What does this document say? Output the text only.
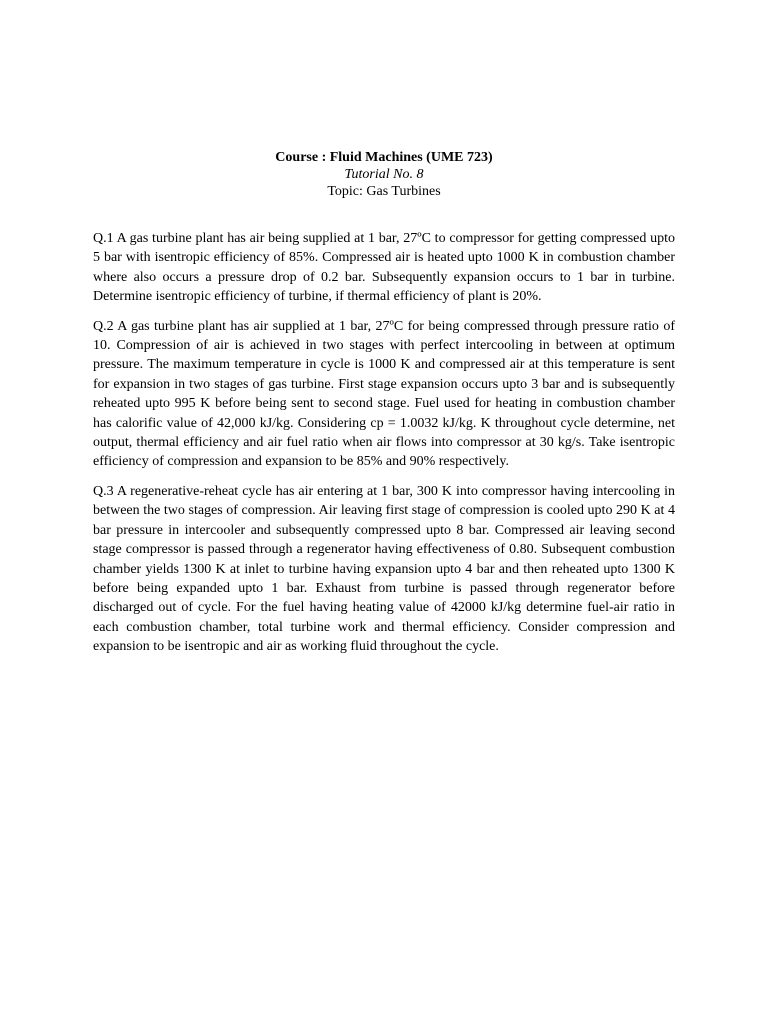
Course : Fluid Machines (UME 723)
Tutorial No. 8
Topic: Gas Turbines

Q.1 A gas turbine plant has air being supplied at 1 bar, 27ºC to compressor for getting compressed upto 5 bar with isentropic efficiency of 85%. Compressed air is heated upto 1000 K in combustion chamber where also occurs a pressure drop of 0.2 bar. Subsequently expansion occurs to 1 bar in turbine. Determine isentropic efficiency of turbine, if thermal efficiency of plant is 20%.

Q.2 A gas turbine plant has air supplied at 1 bar, 27ºC for being compressed through pressure ratio of 10. Compression of air is achieved in two stages with perfect intercooling in between at optimum pressure. The maximum temperature in cycle is 1000 K and compressed air at this temperature is sent for expansion in two stages of gas turbine. First stage expansion occurs upto 3 bar and is subsequently reheated upto 995 K before being sent to second stage. Fuel used for heating in combustion chamber has calorific value of 42,000 kJ/kg. Considering cp = 1.0032 kJ/kg. K throughout cycle determine, net output, thermal efficiency and air fuel ratio when air flows into compressor at 30 kg/s. Take isentropic efficiency of compression and expansion to be 85% and 90% respectively.

Q.3 A regenerative-reheat cycle has air entering at 1 bar, 300 K into compressor having intercooling in between the two stages of compression. Air leaving first stage of compression is cooled upto 290 K at 4 bar pressure in intercooler and subsequently compressed upto 8 bar. Compressed air leaving second stage compressor is passed through a regenerator having effectiveness of 0.80. Subsequent combustion chamber yields 1300 K at inlet to turbine having expansion upto 4 bar and then reheated upto 1300 K before being expanded upto 1 bar. Exhaust from turbine is passed through regenerator before discharged out of cycle. For the fuel having heating value of 42000 kJ/kg determine fuel-air ratio in each combustion chamber, total turbine work and thermal efficiency. Consider compression and expansion to be isentropic and air as working fluid throughout the cycle.
